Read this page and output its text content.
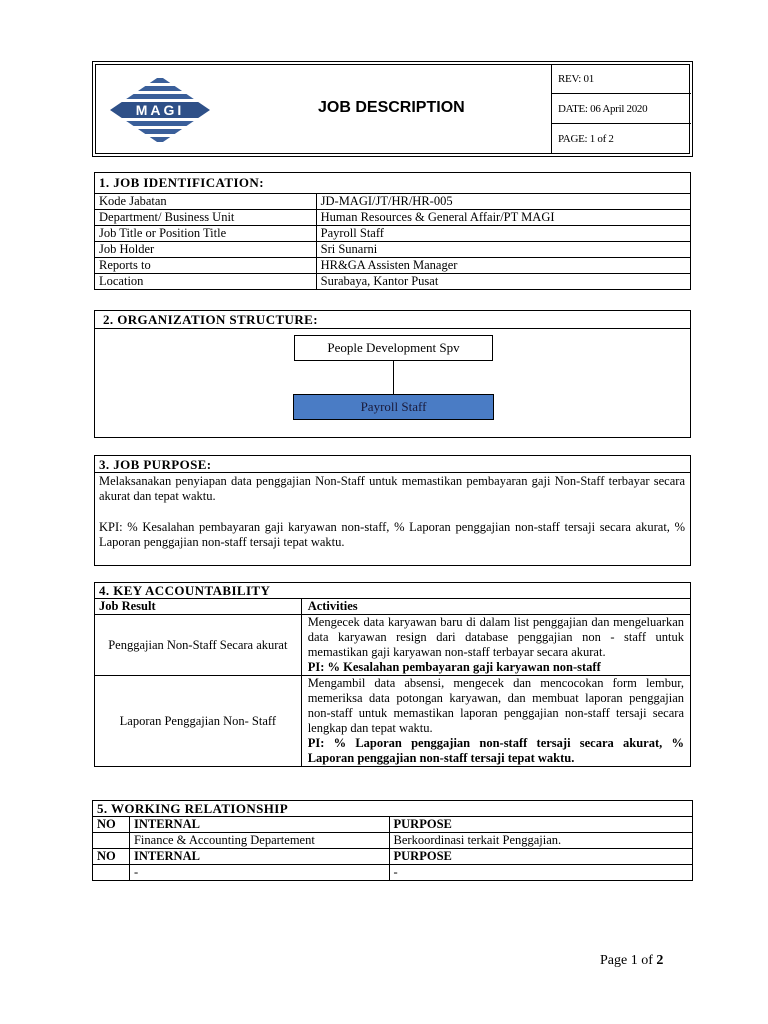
MAGI	JOB DESCRIPTION
REV: 01
DATE: 06 April 2020
PAGE: 1 of 2
1. JOB IDENTIFICATION:	
Kode Jabatan	JD-MAGI/JT/HR/HR-005
Department/ Business Unit	Human Resources & General Affair/PT MAGI
Job Title or Position Title	Payroll Staff
Job Holder	Sri Sunarni
Reports to	HR&GA Assisten Manager
Location	Surabaya, Kantor Pusat
2. ORGANIZATION STRUCTURE:
People Development Spv
Payroll Staff
3. JOB PURPOSE:
Melaksanakan penyiapan data penggajian Non-Staff untuk memastikan pembayaran gaji Non-Staff terbayar secara akurat dan tepat waktu.
KPI: % Kesalahan pembayaran gaji karyawan non-staff, % Laporan penggajian non-staff tersaji secara akurat, % Laporan penggajian non-staff tersaji tepat waktu.
4. KEY ACCOUNTABILITY	
Job Result	Activities
Penggajian Non-Staff Secara akurat	Mengecek data karyawan baru di dalam list penggajian dan mengeluarkan data karyawan resign dari database penggajian non - staff untuk memastikan gaji karyawan non-staff terbayar secara akurat.
PI: % Kesalahan pembayaran gaji karyawan non-staff

Laporan Penggajian Non- Staff	Mengambil data absensi, mengecek dan mencocokan form lembur, memeriksa data potongan karyawan, dan membuat laporan penggajian non-staff untuk memastikan laporan penggajian non-staff tersaji secara lengkap dan tepat waktu.
PI: % Laporan penggajian non-staff tersaji secara akurat, % Laporan penggajian non-staff tersaji tepat waktu.
5. WORKING RELATIONSHIP		
NO	INTERNAL	PURPOSE
	Finance & Accounting Departement	Berkoordinasi terkait Penggajian.
NO	INTERNAL	PURPOSE
	-	-
Page 1 of 2
